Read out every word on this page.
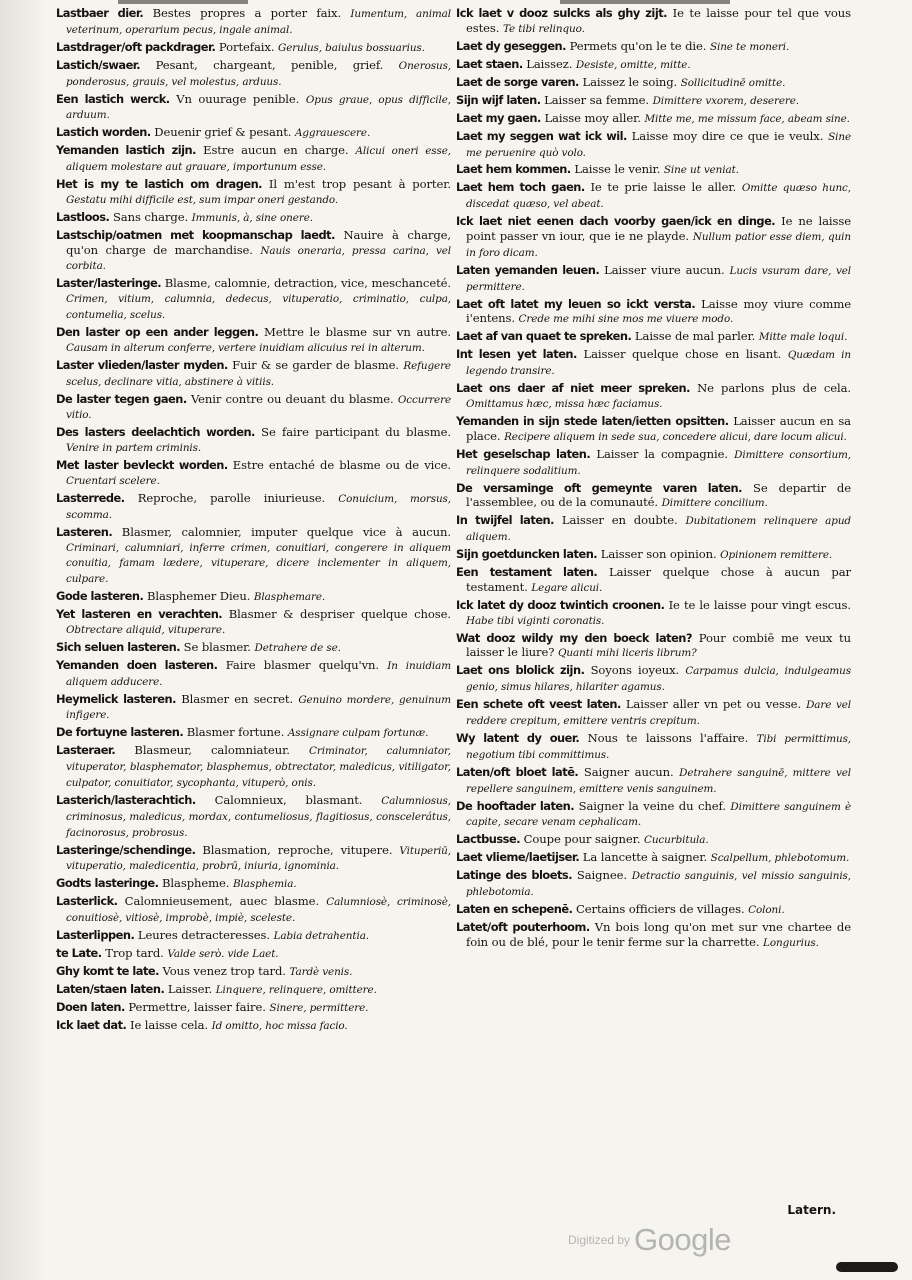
Lastbaer dier. Bestes propres a porter faix. Iumentum, animal veterinum, operarium pecus, ingale animal.

Lastdrager/oft packdrager. Portefaix. Gerulus, baiulus bossuarius.

Lastich/swaer. Pesant, chargeant, penible, grief. Onerosus, ponderosus, grauis, vel molestus, arduus.

Een lastich werck. Vn ouurage penible. Opus graue, opus difficile, arduum.

Lastich worden. Deuenir grief & pesant. Aggrauescere.

Yemanden lastich zijn. Estre aucun en charge. Alicui oneri esse, aliquem molestare aut grauare, importunum esse.

Het is my te lastich om dragen. Il m'est trop pesant à porter. Gestatu mihi difficile est, sum impar oneri gestando.

Lastloos. Sans charge. Immunis, à, sine onere.

Lastschip/oatmen met koopmanschap laedt. Nauire à charge, qu'on charge de marchandise. Nauis oneraria, pressa carina, vel corbita.

Laster/lasteringe. Blasme, calomnie, detraction, vice, meschanceté. Crimen, vitium, calumnia, dedecus, vituperatio, criminatio, culpa, contumelia, scelus.

Den laster op een ander leggen. Mettre le blasme sur vn autre. Causam in alterum conferre, vertere inuidiam alicuius rei in alterum.

Laster vlieden/laster myden. Fuir & se garder de blasme. Refugere scelus, declinare vitia, abstinere à vitiis.

De laster tegen gaen. Venir contre ou deuant du blasme. Occurrere vitio.

Des lasters deelachtich worden. Se faire participant du blasme. Venire in partem criminis.

Met laster bevleckt worden. Estre entaché de blasme ou de vice. Cruentari scelere.

Lasterrede. Reproche, parolle iniurieuse. Conuicium, morsus, scomma.

Lasteren. Blasmer, calomnier, imputer quelque vice à aucun. Criminari, calumniari, inferre crimen, conuitiari, congerere in aliquem conuitia, famam lædere, vituperare, dicere inclementer in aliquem, culpare.

Gode lasteren. Blasphemer Dieu. Blasphemare.

Yet lasteren en verachten. Blasmer & despriser quelque chose. Obtrectare aliquid, vituperare.

Sich seluen lasteren. Se blasmer. Detrahere de se.

Yemanden doen lasteren. Faire blasmer quelqu'vn. In inuidiam aliquem adducere.

Heymelick lasteren. Blasmer en secret. Genuino mordere, genuinum infigere.

De fortuyne lasteren. Blasmer fortune. Assignare culpam fortunæ.

Lasteraer. Blasmeur, calomniateur. Criminator, calumniator, vituperator, blasphemator, blasphemus, obtrectator, maledicus, vitiligator, culpator, conuitiator, sycophanta, vituperò, onis.

Lasterich/lasterachtich. Calomnieux, blasmant. Calumniosus, criminosus, maledicus, mordax, contumeliosus, flagitiosus, conscelerátus, facinorosus, probrosus.

Lasteringe/schendinge. Blasmation, reproche, vitupere. Vituperiū, vituperatio, maledicentia, probrū, iniuria, ignominia.

Godts lasteringe. Blaspheme. Blasphemia.

Lasterlick. Calomnieusement, auec blasme. Calumniosè, criminosè, conuitiosè, vitiosè, improbè, impiè, sceleste.

Lasterlippen. Leures detracteresses. Labia detrahentia.

te Late. Trop tard. Valde serò. vide Laet.

Ghy komt te late. Vous venez trop tard. Tardè venis.

Laten/staen laten. Laisser. Linquere, relinquere, omittere.

Doen laten. Permettre, laisser faire. Sinere, permittere.

Ick laet dat. Ie laisse cela. Id omitto, hoc missa facio.

Ick laet v dooz sulcks als ghy zijt. Ie te laisse pour tel que vous estes. Te tibi relinquo.

Laet dy geseggen. Permets qu'on le te die. Sine te moneri.

Laet staen. Laissez. Desiste, omitte, mitte.

Laet de sorge varen. Laissez le soing. Sollicitudinē omitte.

Sijn wijf laten. Laisser sa femme. Dimittere vxorem, deserere.

Laet my gaen. Laisse moy aller. Mitte me, me missum face, abeam sine.

Laet my seggen wat ick wil. Laisse moy dire ce que ie veulx. Sine me peruenire quò volo.

Laet hem kommen. Laisse le venir. Sine ut veniat.

Laet hem toch gaen. Ie te prie laisse le aller. Omitte quæso hunc, discedat quæso, vel abeat.

Ick laet niet eenen dach voorby gaen/ick en dinge. Ie ne laisse point passer vn iour, que ie ne playde. Nullum patior esse diem, quin in foro dicam.

Laten yemanden leuen. Laisser viure aucun. Lucis vsuram dare, vel permittere.

Laet oft latet my leuen so ickt versta. Laisse moy viure comme i'entens. Crede me mihi sine mos me viuere modo.

Laet af van quaet te spreken. Laisse de mal parler. Mitte male loqui.

Int lesen yet laten. Laisser quelque chose en lisant. Quædam in legendo transire.

Laet ons daer af niet meer spreken. Ne parlons plus de cela. Omittamus hæc, missa hæc faciamus.

Yemanden in sijn stede laten/ietten opsitten. Laisser aucun en sa place. Recipere aliquem in sede sua, concedere alicui, dare locum alicui.

Het geselschap laten. Laisser la compagnie. Dimittere consortium, relinquere sodalitium.

De versaminge oft gemeynte varen laten. Se departir de l'assemblee, ou de la comunauté. Dimittere concilium.

In twijfel laten. Laisser en doubte. Dubitationem relinquere apud aliquem.

Sijn goetduncken laten. Laisser son opinion. Opinionem remittere.

Een testament laten. Laisser quelque chose à aucun par testament. Legare alicui.

Ick latet dy dooz twintich croonen. Ie te le laisse pour vingt escus. Habe tibi viginti coronatis.

Wat dooz wildy my den boeck laten? Pour combiē me veux tu laisser le liure? Quanti mihi liceris librum?

Laet ons blolick zijn. Soyons ioyeux. Carpamus dulcia, indulgeamus genio, simus hilares, hilariter agamus.

Een schete oft veest laten. Laisser aller vn pet ou vesse. Dare vel reddere crepitum, emittere ventris crepitum.

Wy latent dy ouer. Nous te laissons l'affaire. Tibi permittimus, negotium tibi committimus.

Laten/oft bloet latē. Saigner aucun. Detrahere sanguinē, mittere vel repellere sanguinem, emittere venis sanguinem.

De hooftader laten. Saigner la veine du chef. Dimittere sanguinem è capite, secare venam cephalicam.

Lactbusse. Coupe pour saigner. Cucurbitula.

Laet vlieme/laetijser. La lancette à saigner. Scalpellum, phlebotomum.

Latinge des bloets. Saignee. Detractio sanguinis, vel missio sanguinis, phlebotomia.

Laten en schepenē. Certains officiers de villages. Coloni.

Latet/oft pouterhoom. Vn bois long qu'on met sur vne chartee de foin ou de blé, pour le tenir ferme sur la charrette. Longurius.

Latern.
Digitized by Google
